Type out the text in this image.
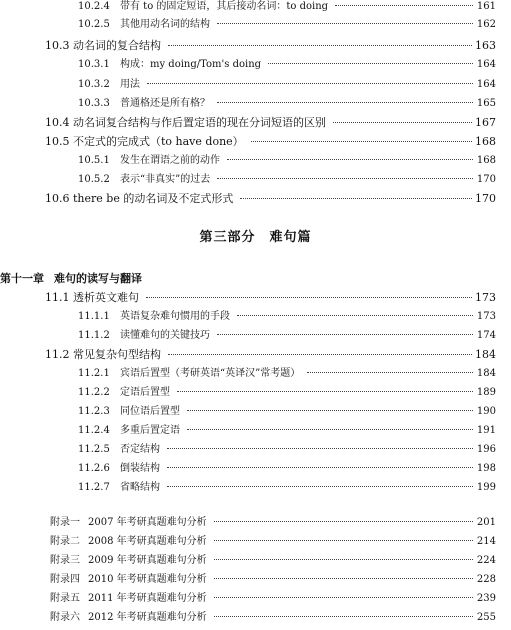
10.2.4 带有 to 的固定短语，其后接动名词：to doing	161
10.2.5 其他用动名词的结构	162
10.3 动名词的复合结构	163
10.3.1 构成：my doing/Tom's doing	164
10.3.2 用法	164
10.3.3 普通格还是所有格？	165
10.4 动名词复合结构与作后置定语的现在分词短语的区别	167
10.5 不定式的完成式（to have done）	168
10.5.1 发生在谓语之前的动作	168
10.5.2 表示“非真实”的过去	170
10.6 there be 的动名词及不定式形式	170
第三部分　难句篇
第十一章 难句的读写与翻译
11.1 透析英文难句	173
11.1.1 英语复杂难句惯用的手段	173
11.1.2 读懂难句的关键技巧	174
11.2 常见复杂句型结构	184
11.2.1 宾语后置型（考研英语“英译汉”常考题）	184
11.2.2 定语后置型	189
11.2.3 同位语后置型	190
11.2.4 多重后置定语	191
11.2.5 否定结构	196
11.2.6 倒装结构	198
11.2.7 省略结构	199
附录一 2007 年考研真题难句分析	201
附录二 2008 年考研真题难句分析	214
附录三 2009 年考研真题难句分析	224
附录四 2010 年考研真题难句分析	228
附录五 2011 年考研真题难句分析	239
附录六 2012 年考研真题难句分析	255
